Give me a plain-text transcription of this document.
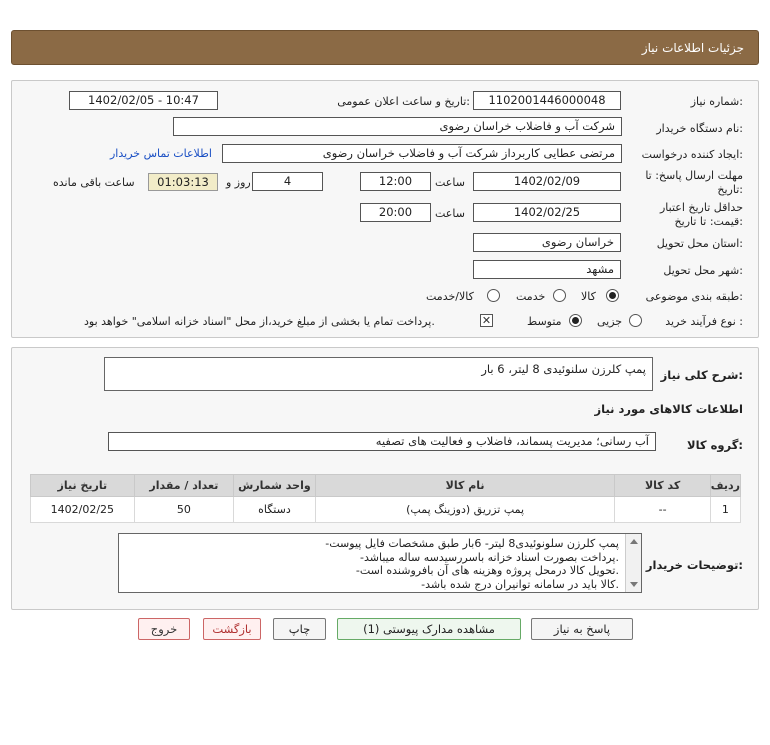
جزئیات اطلاعات نیاز
شماره نیاز:
1102001446000048
تاریخ و ساعت اعلان عمومی:
1402/02/05 - 10:47
نام دستگاه خریدار:
شرکت آب و فاضلاب خراسان رضوی
ایجاد کننده درخواست:
مرتضی عطایی کاربرداز شرکت آب و فاضلاب خراسان رضوی
اطلاعات تماس خریدار
مهلت ارسال پاسخ: تا
تاریخ:
1402/02/09
ساعت
12:00
4
روز و
01:03:13
ساعت باقی مانده
حداقل تاریخ اعتبار
قیمت: تا تاریخ:
1402/02/25
ساعت
20:00
استان محل تحویل:
خراسان رضوی
شهر محل تحویل:
مشهد
طبقه بندی موضوعی:
کالا
خدمت
کالا/خدمت
نوع فرآیند خرید :
جزیی
متوسط
✕
پرداخت تمام یا بخشی از مبلغ خرید،از محل "اسناد خزانه اسلامی" خواهد بود.
شرح کلی نیاز:
پمپ کلرزن سلنوئیدی 8 لیتر، 6 بار
اطلاعات کالاهای مورد نیاز
گروه کالا:
آب رسانی؛ مدیریت پسماند، فاضلاب و فعالیت های تصفیه
ردیف	کد کالا	نام کالا	واحد شمارش	تعداد / مقدار	تاریخ نیاز
1	--	پمپ تزریق (دوزینگ پمپ)	دستگاه	50	1402/02/25
توضیحات خریدار:
-پمپ کلرزن سلونوئیدی8 لیتر- 6بار طبق مشخصات فایل پیوست
-پرداخت بصورت اسناد خزانه باسررسیدسه ساله میباشد.
-تحویل کالا درمحل پروژه وهزینه های آن بافروشنده است.
-کالا باید در سامانه توانیران درج شده باشد.
پاسخ به نیاز
مشاهده مدارک پیوستی (1)
چاپ
بازگشت
خروج
